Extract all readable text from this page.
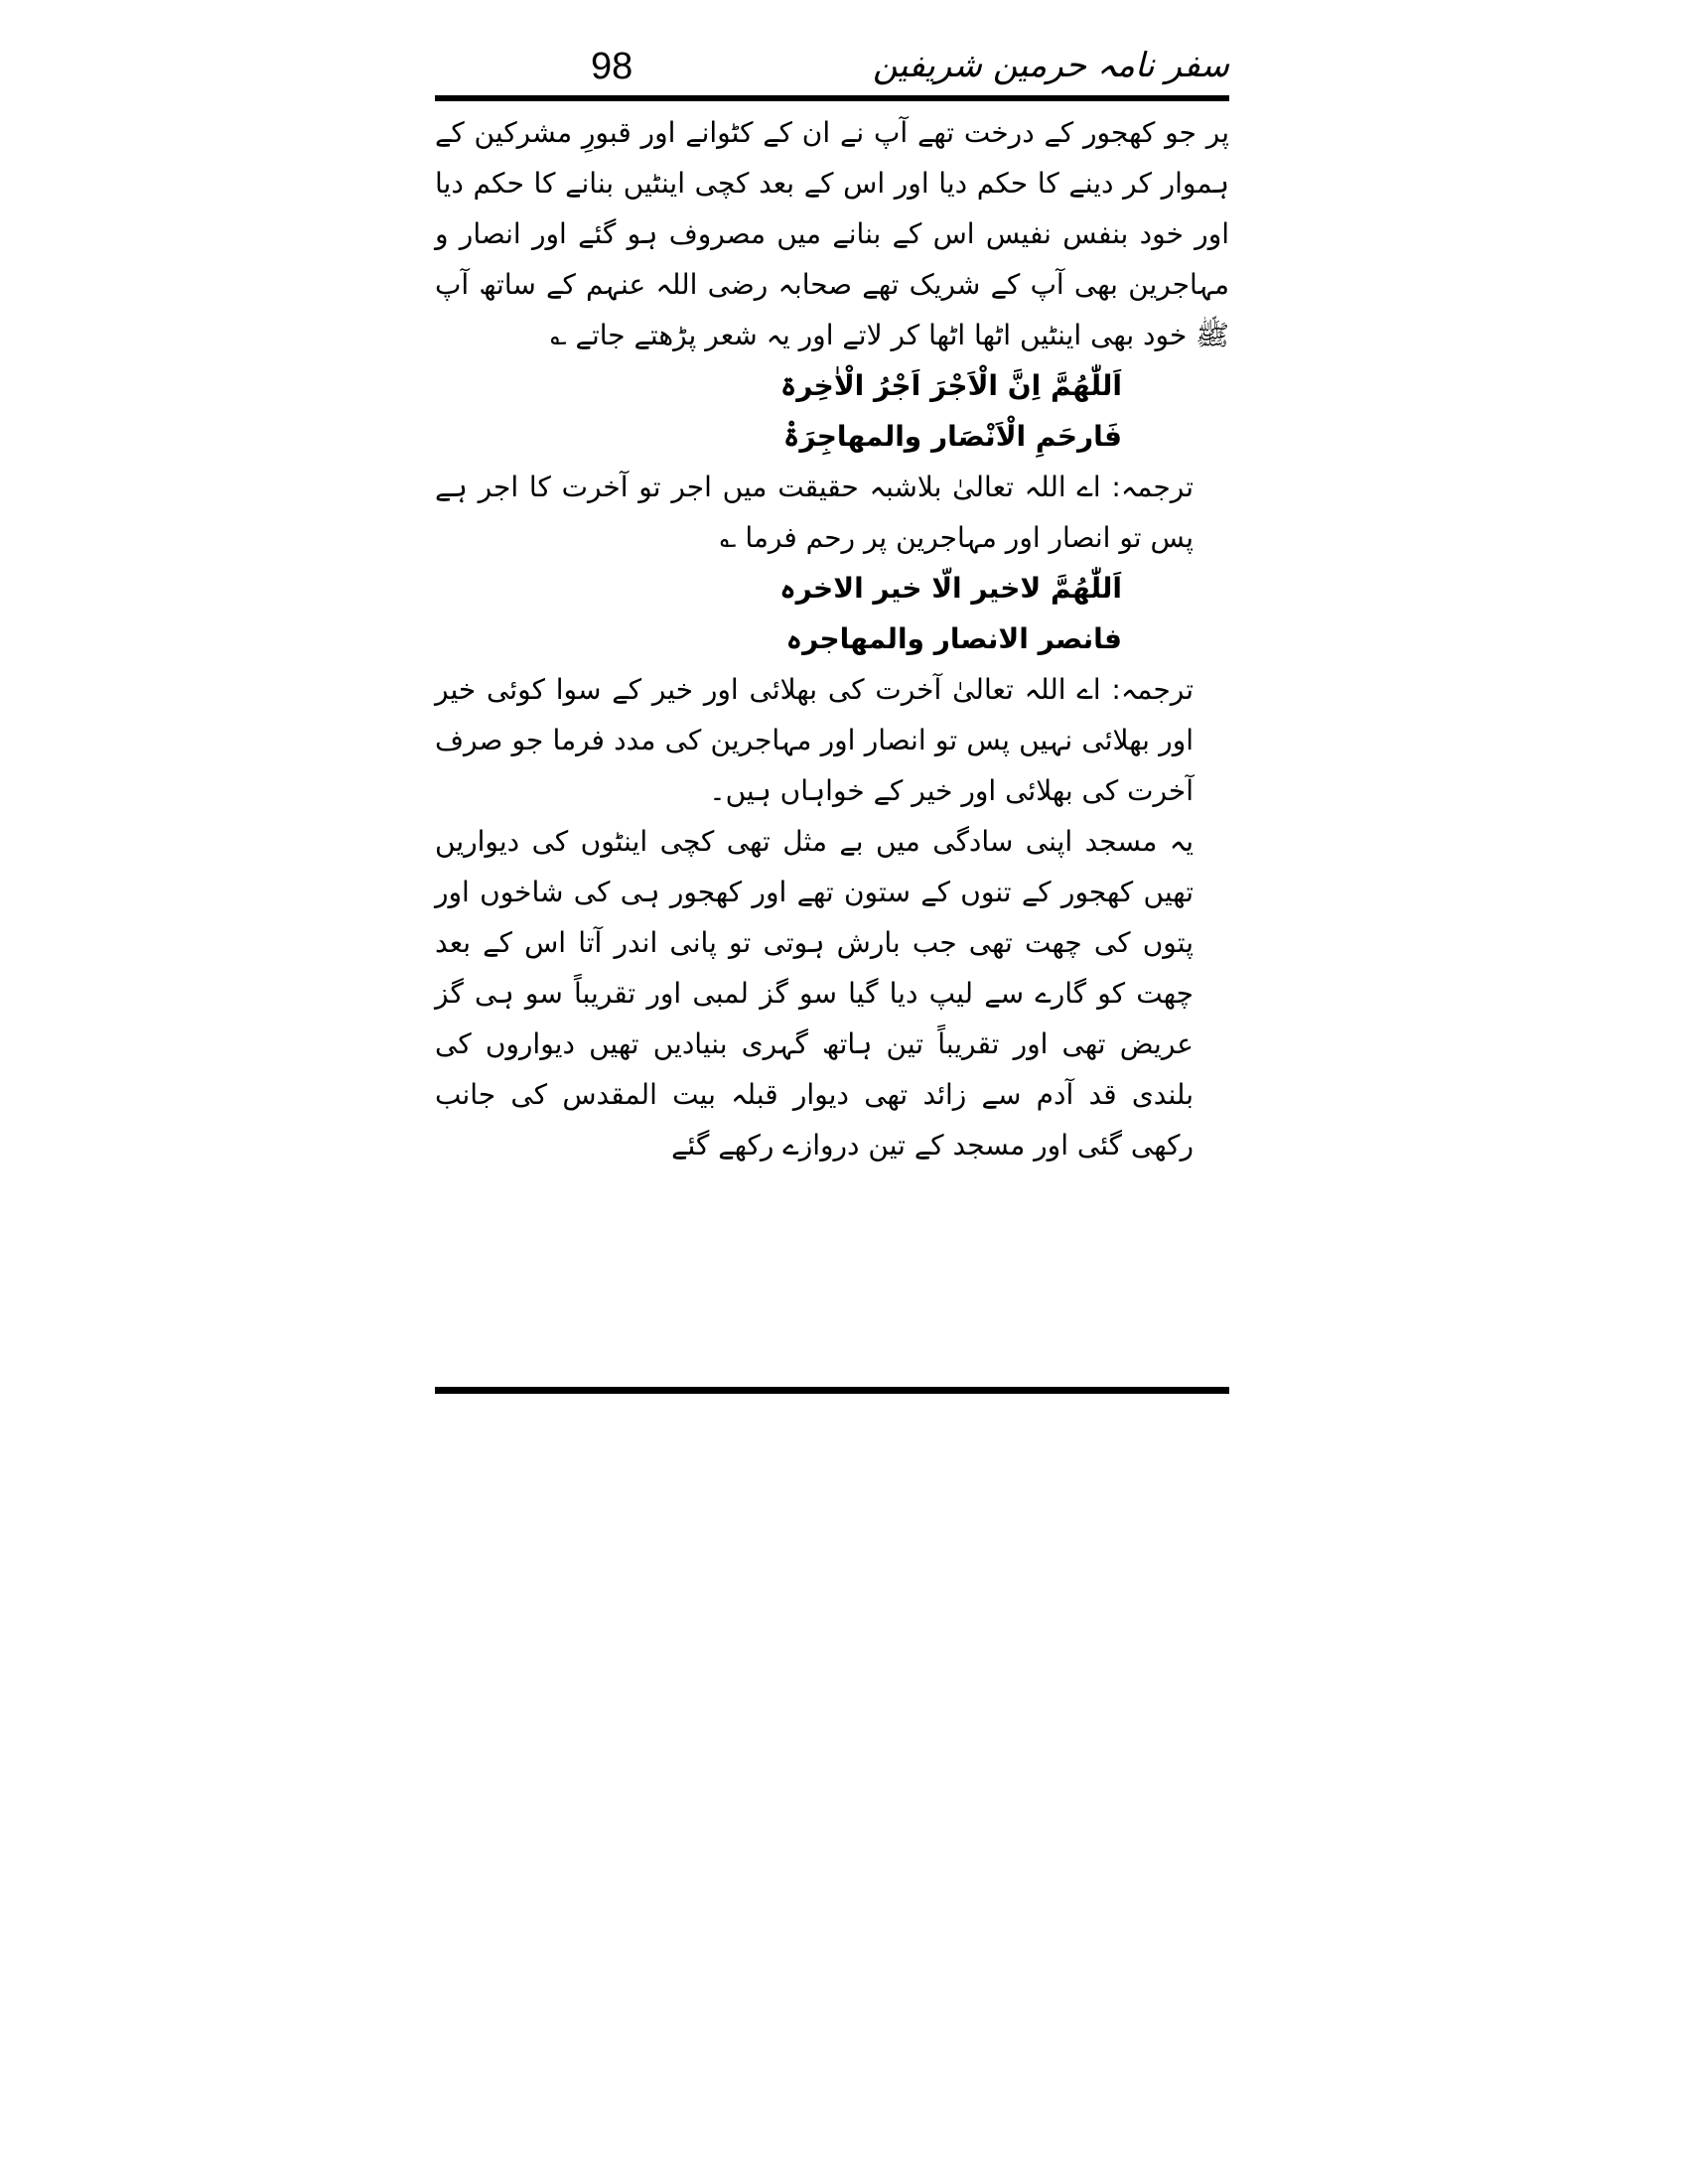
98	سفر نامہ حرمین شریفین

پر جو کھجور کے درخت تھے آپ نے ان کے کٹوانے اور قبورِ مشرکین کے ہموار کر دینے کا حکم دیا اور اس کے بعد کچی اینٹیں بنانے کا حکم دیا اور خود بنفس نفیس اس کے بنانے میں مصروف ہو گئے اور انصار و مہاجرین بھی آپ کے شریک تھے صحابہ رضی اللہ عنہم کے ساتھ آپ ﷺ خود بھی اینٹیں اٹھا اٹھا کر لاتے اور یہ شعر پڑھتے جاتے ؎

اَللّٰھُمَّ اِنَّ الْاَجْرَ اَجْرُ الْاٰخِرۃ

فَارحَمِ الْاَنْصَار والمھاجِرَۃْ

ترجمہ: اے اللہ تعالیٰ بلاشبہ حقیقت میں اجر تو آخرت کا اجر ہے پس تو انصار اور مہاجرین پر رحم فرما ؎

اَللّٰھُمَّ لاخیر الّا خیر الاخرہ

فانصر الانصار والمھاجرہ

ترجمہ: اے اللہ تعالیٰ آخرت کی بھلائی اور خیر کے سوا کوئی خیر اور بھلائی نہیں پس تو انصار اور مہاجرین کی مدد فرما جو صرف آخرت کی بھلائی اور خیر کے خواہاں ہیں۔

یہ مسجد اپنی سادگی میں بے مثل تھی کچی اینٹوں کی دیواریں تھیں کھجور کے تنوں کے ستون تھے اور کھجور ہی کی شاخوں اور پتوں کی چھت تھی جب بارش ہوتی تو پانی اندر آتا اس کے بعد چھت کو گارے سے لیپ دیا گیا سو گز لمبی اور تقریباً سو ہی گز عریض تھی اور تقریباً تین ہاتھ گہری بنیادیں تھیں دیواروں کی بلندی قد آدم سے زائد تھی دیوار قبلہ بیت المقدس کی جانب رکھی گئی اور مسجد کے تین دروازے رکھے گئے
